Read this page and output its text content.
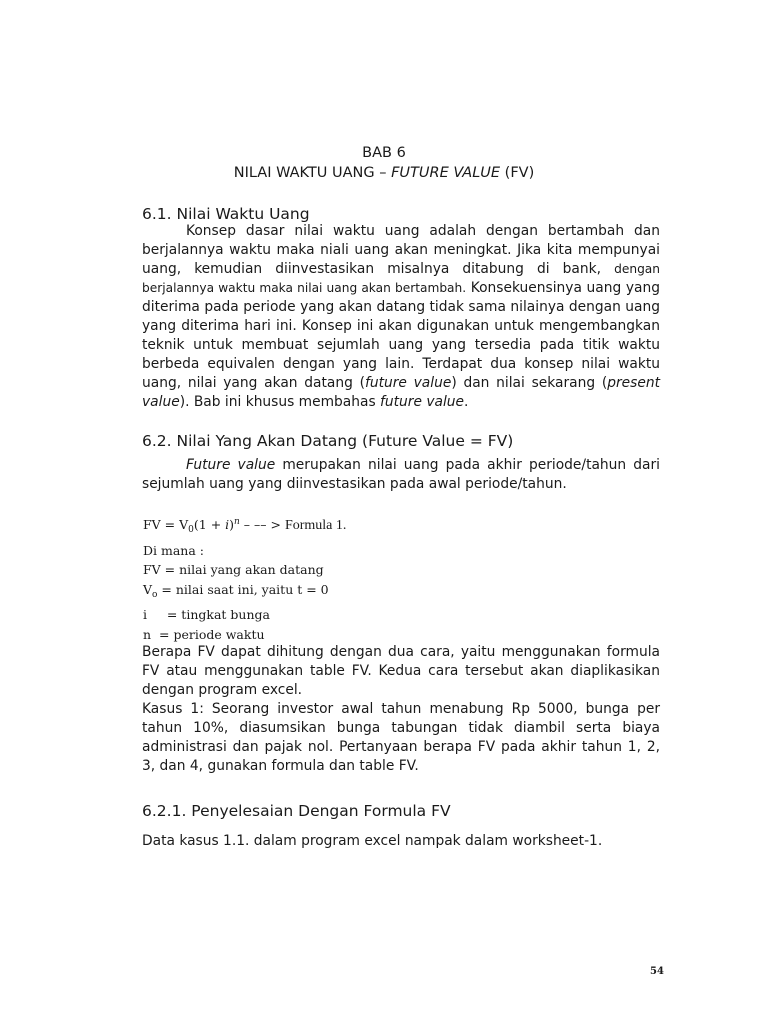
BAB 6
NILAI WAKTU UANG – FUTURE VALUE (FV)
6.1. Nilai Waktu Uang

Konsep dasar nilai waktu uang adalah dengan bertambah dan berjalannya waktu maka niali uang akan meningkat. Jika kita mempunyai uang, kemudian diinvestasikan misalnya ditabung di bank, dengan berjalannya waktu maka nilai uang akan bertambah. Konsekuensinya uang yang diterima pada periode yang akan datang tidak sama nilainya dengan uang yang diterima hari ini. Konsep ini akan digunakan untuk mengembangkan teknik untuk membuat sejumlah uang yang tersedia pada titik waktu berbeda equivalen dengan yang lain. Terdapat dua konsep nilai waktu uang, nilai yang akan datang (future value) dan nilai sekarang (present value). Bab ini khusus membahas future value.

6.2. Nilai Yang Akan Datang (Future Value = FV)

Future value merupakan nilai uang pada akhir periode/tahun dari sejumlah uang yang diinvestasikan pada awal periode/tahun.

FV = $V_0(1 + i)^n$ – –– > Formula 1.
Di mana :
FV = nilai yang akan datang
$V_o$ = nilai saat ini, yaitu t = 0
i     = tingkat bunga
n  = periode waktu

Berapa FV dapat dihitung dengan dua cara, yaitu menggunakan formula FV atau menggunakan table FV. Kedua cara tersebut akan diaplikasikan dengan program excel.

Kasus 1: Seorang investor awal tahun menabung Rp 5000, bunga per tahun 10%, diasumsikan bunga tabungan tidak diambil serta biaya administrasi dan pajak nol. Pertanyaan berapa FV pada akhir tahun 1, 2, 3, dan 4, gunakan formula dan table FV.

6.2.1. Penyelesaian Dengan Formula FV

Data kasus 1.1. dalam program excel nampak dalam worksheet-1.

54
